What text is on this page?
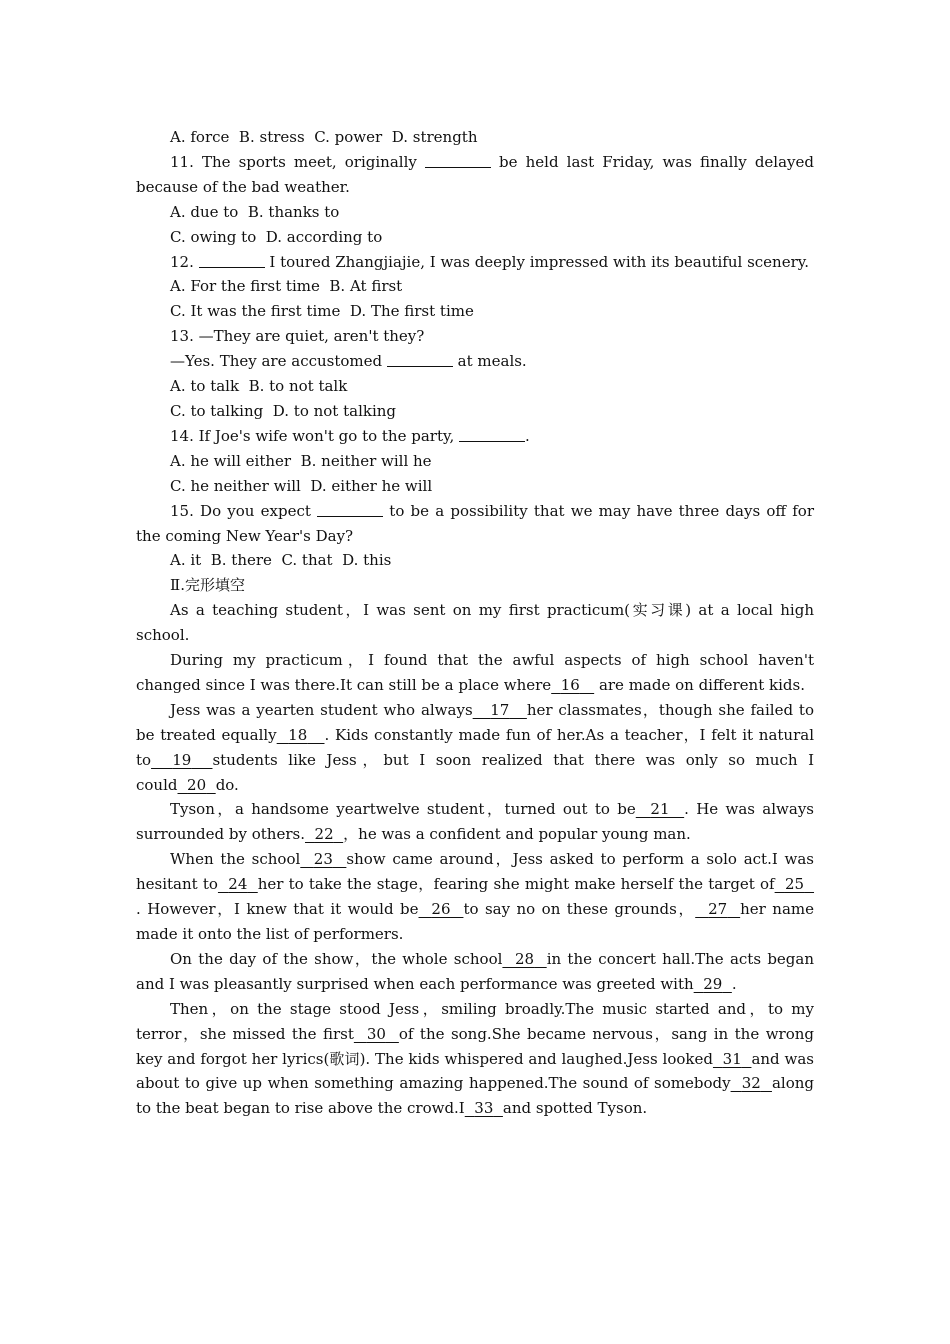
A. force  B. stress  C. power  D. strength

11. The sports meet, originally	be held last Friday, was finally delayed because of the bad weather.

A. due to  B. thanks to

C. owing to  D. according to

12.	I toured Zhangjiajie, I was deeply impressed with its beautiful scenery.

A. For the first time  B. At first

C. It was the first time  D. The first time

13. —They are quiet, aren't they?

—Yes. They are accustomed	at meals.

A. to talk  B. to not talk

C. to talking  D. to not talking

14. If Joe's wife won't go to the party,	.

A. he will either  B. neither will he

C. he neither will  D. either he will

15. Do you expect	to be a possibility that we may have three days off for the coming New Year's Day?

A. it  B. there  C. that  D. this

Ⅱ.完形填空

As a teaching student，I was sent on my first practicum(实习课) at a local high school.

During my practicum，I found that the awful aspects of high school haven't changed since I was there.It can still be a place where 16 are made on different kids.

Jess was a yearten student who always 17 her classmates，though she failed to be treated equally 18 . Kids constantly made fun of her.As a teacher，I felt it natural to 19 students like Jess，but I soon realized that there was only so much I could 20 do.

Tyson，a handsome yeartwelve student，turned out to be 21 . He was always surrounded by others. 22 ，he was a confident and popular young man.

When the school 23 show came around，Jess asked to perform a solo act.I was hesitant to 24 her to take the stage，fearing she might make herself the target of 25   . However，I knew that it would be 26 to say no on these grounds， 27 her name made it onto the list of performers.

On the day of the show，the whole school 28 in the concert hall.The acts began and I was pleasantly surprised when each performance was greeted with 29 .

Then，on the stage stood Jess，smiling broadly.The music started and，to my terror，she missed the first 30 of the song.She became nervous，sang in the wrong key and forgot her lyrics(歌词). The kids whispered and laughed.Jess looked 31 and was about to give up when something amazing happened.The sound of somebody 32 along to the beat began to rise above the crowd.I 33 and spotted Tyson.
